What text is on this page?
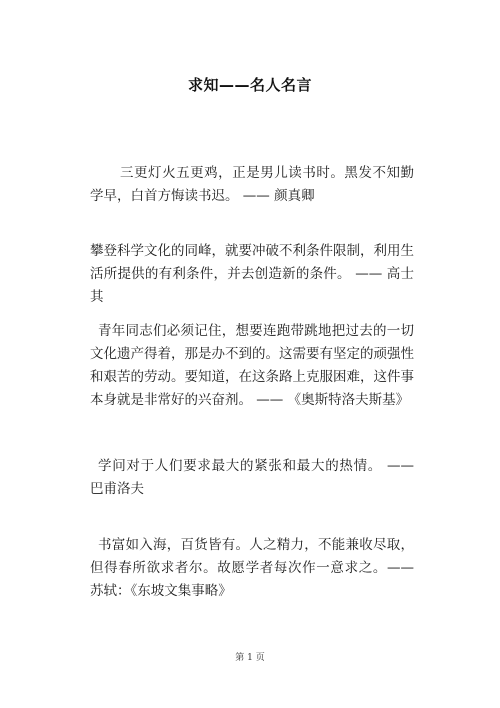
求知——名人名言
三更灯火五更鸡，正是男儿读书时。黑发不知勤学早，白首方悔读书迟。 —— 颜真卿
攀登科学文化的同峰，就要冲破不利条件限制，利用生活所提供的有利条件，并去创造新的条件。 —— 高士其
青年同志们必须记住，想要连跑带跳地把过去的一切文化遗产得着，那是办不到的。这需要有坚定的顽强性和艰苦的劳动。要知道，在这条路上克服困难，这件事本身就是非常好的兴奋剂。 —— 《奥斯特洛夫斯基》
学问对于人们要求最大的紧张和最大的热情。 —— 巴甫洛夫
书富如入海，百货皆有。人之精力，不能兼收尽取，但得春所欲求者尔。故愿学者每次作一意求之。—— 苏轼：《东坡文集事略》
第 1 页
